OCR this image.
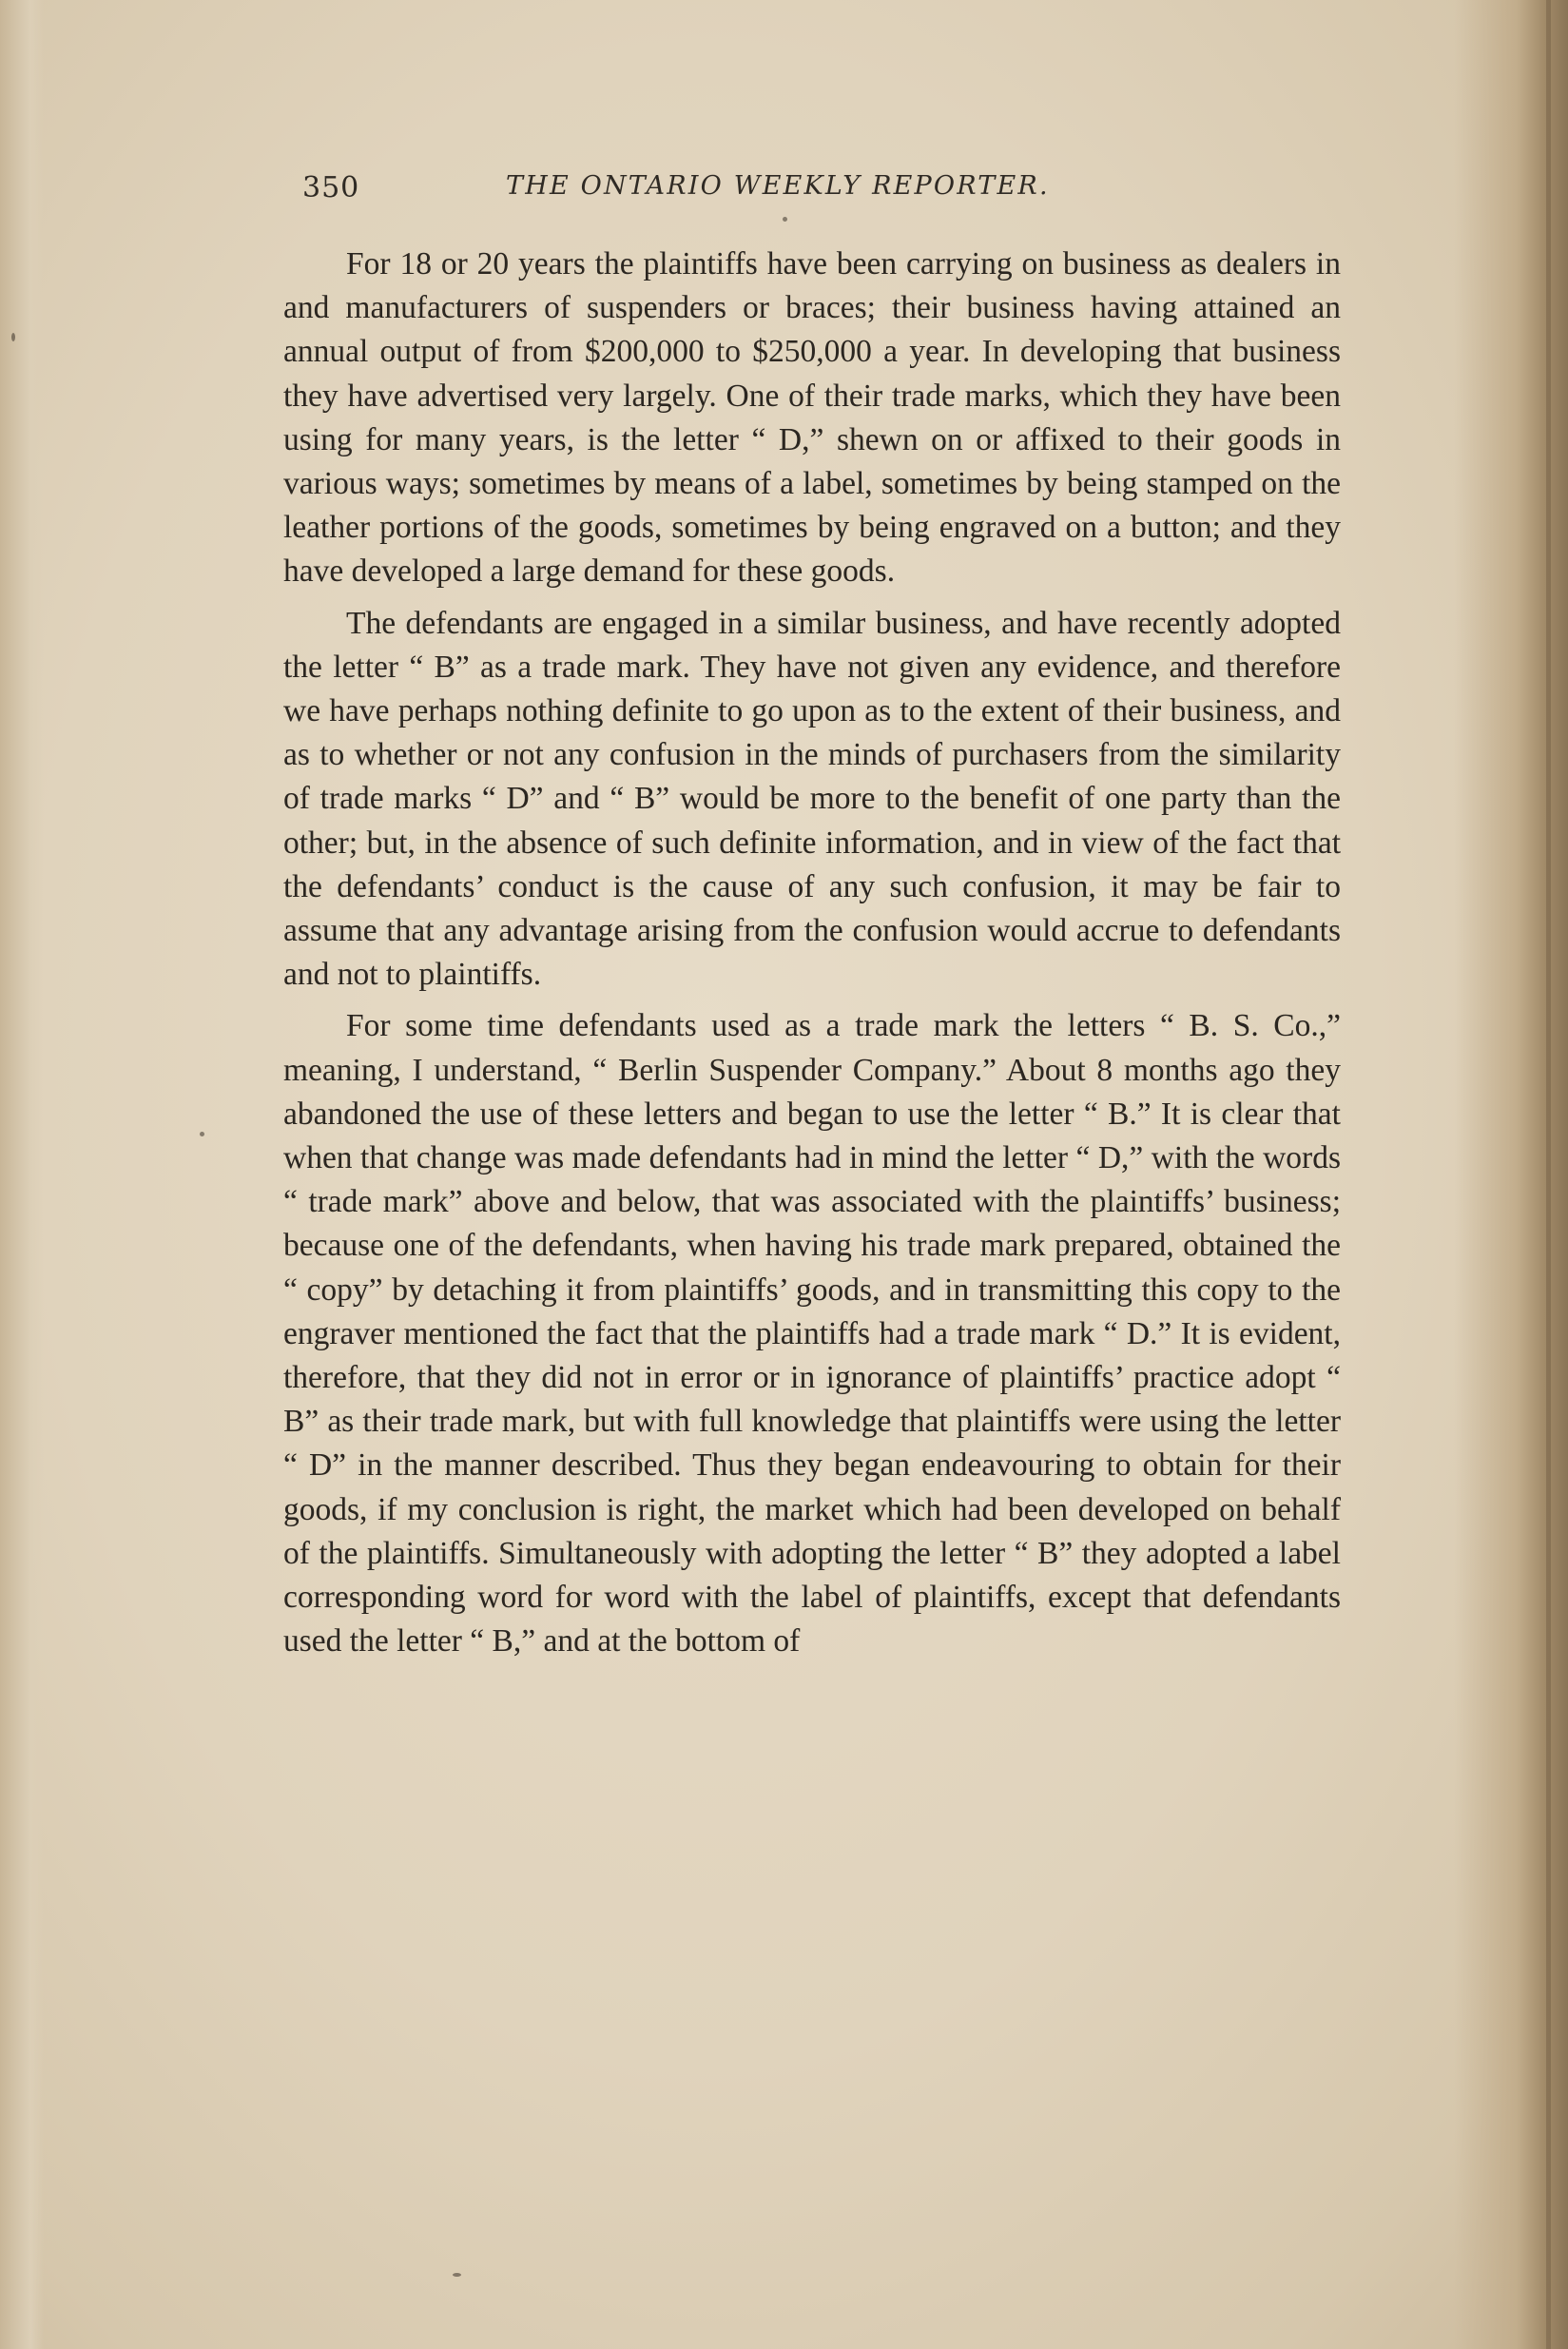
350	THE ONTARIO WEEKLY REPORTER.

For 18 or 20 years the plaintiffs have been carrying on business as dealers in and manufacturers of suspenders or braces; their business having attained an annual output of from $200,000 to $250,000 a year. In developing that business they have advertised very largely. One of their trade marks, which they have been using for many years, is the letter “ D,” shewn on or affixed to their goods in various ways; sometimes by means of a label, sometimes by being stamped on the leather portions of the goods, sometimes by being engraved on a button; and they have developed a large demand for these goods.

The defendants are engaged in a similar business, and have recently adopted the letter “ B” as a trade mark. They have not given any evidence, and therefore we have perhaps nothing definite to go upon as to the extent of their business, and as to whether or not any confusion in the minds of purchasers from the similarity of trade marks “ D” and “ B” would be more to the benefit of one party than the other; but, in the absence of such definite information, and in view of the fact that the defendants’ conduct is the cause of any such confusion, it may be fair to assume that any advantage arising from the confusion would accrue to defendants and not to plaintiffs.

For some time defendants used as a trade mark the letters “ B. S. Co.,” meaning, I understand, “ Berlin Suspender Company.” About 8 months ago they abandoned the use of these letters and began to use the letter “ B.” It is clear that when that change was made defendants had in mind the letter “ D,” with the words “ trade mark” above and below, that was associated with the plaintiffs’ business; because one of the defendants, when having his trade mark prepared, obtained the “ copy” by detaching it from plaintiffs’ goods, and in transmitting this copy to the engraver mentioned the fact that the plaintiffs had a trade mark “ D.” It is evident, therefore, that they did not in error or in ignorance of plaintiffs’ practice adopt “ B” as their trade mark, but with full knowledge that plaintiffs were using the letter “ D” in the manner described. Thus they began endeavouring to obtain for their goods, if my conclusion is right, the market which had been developed on behalf of the plaintiffs. Simultaneously with adopting the letter “ B” they adopted a label corresponding word for word with the label of plaintiffs, except that defendants used the letter “ B,” and at the bottom of
